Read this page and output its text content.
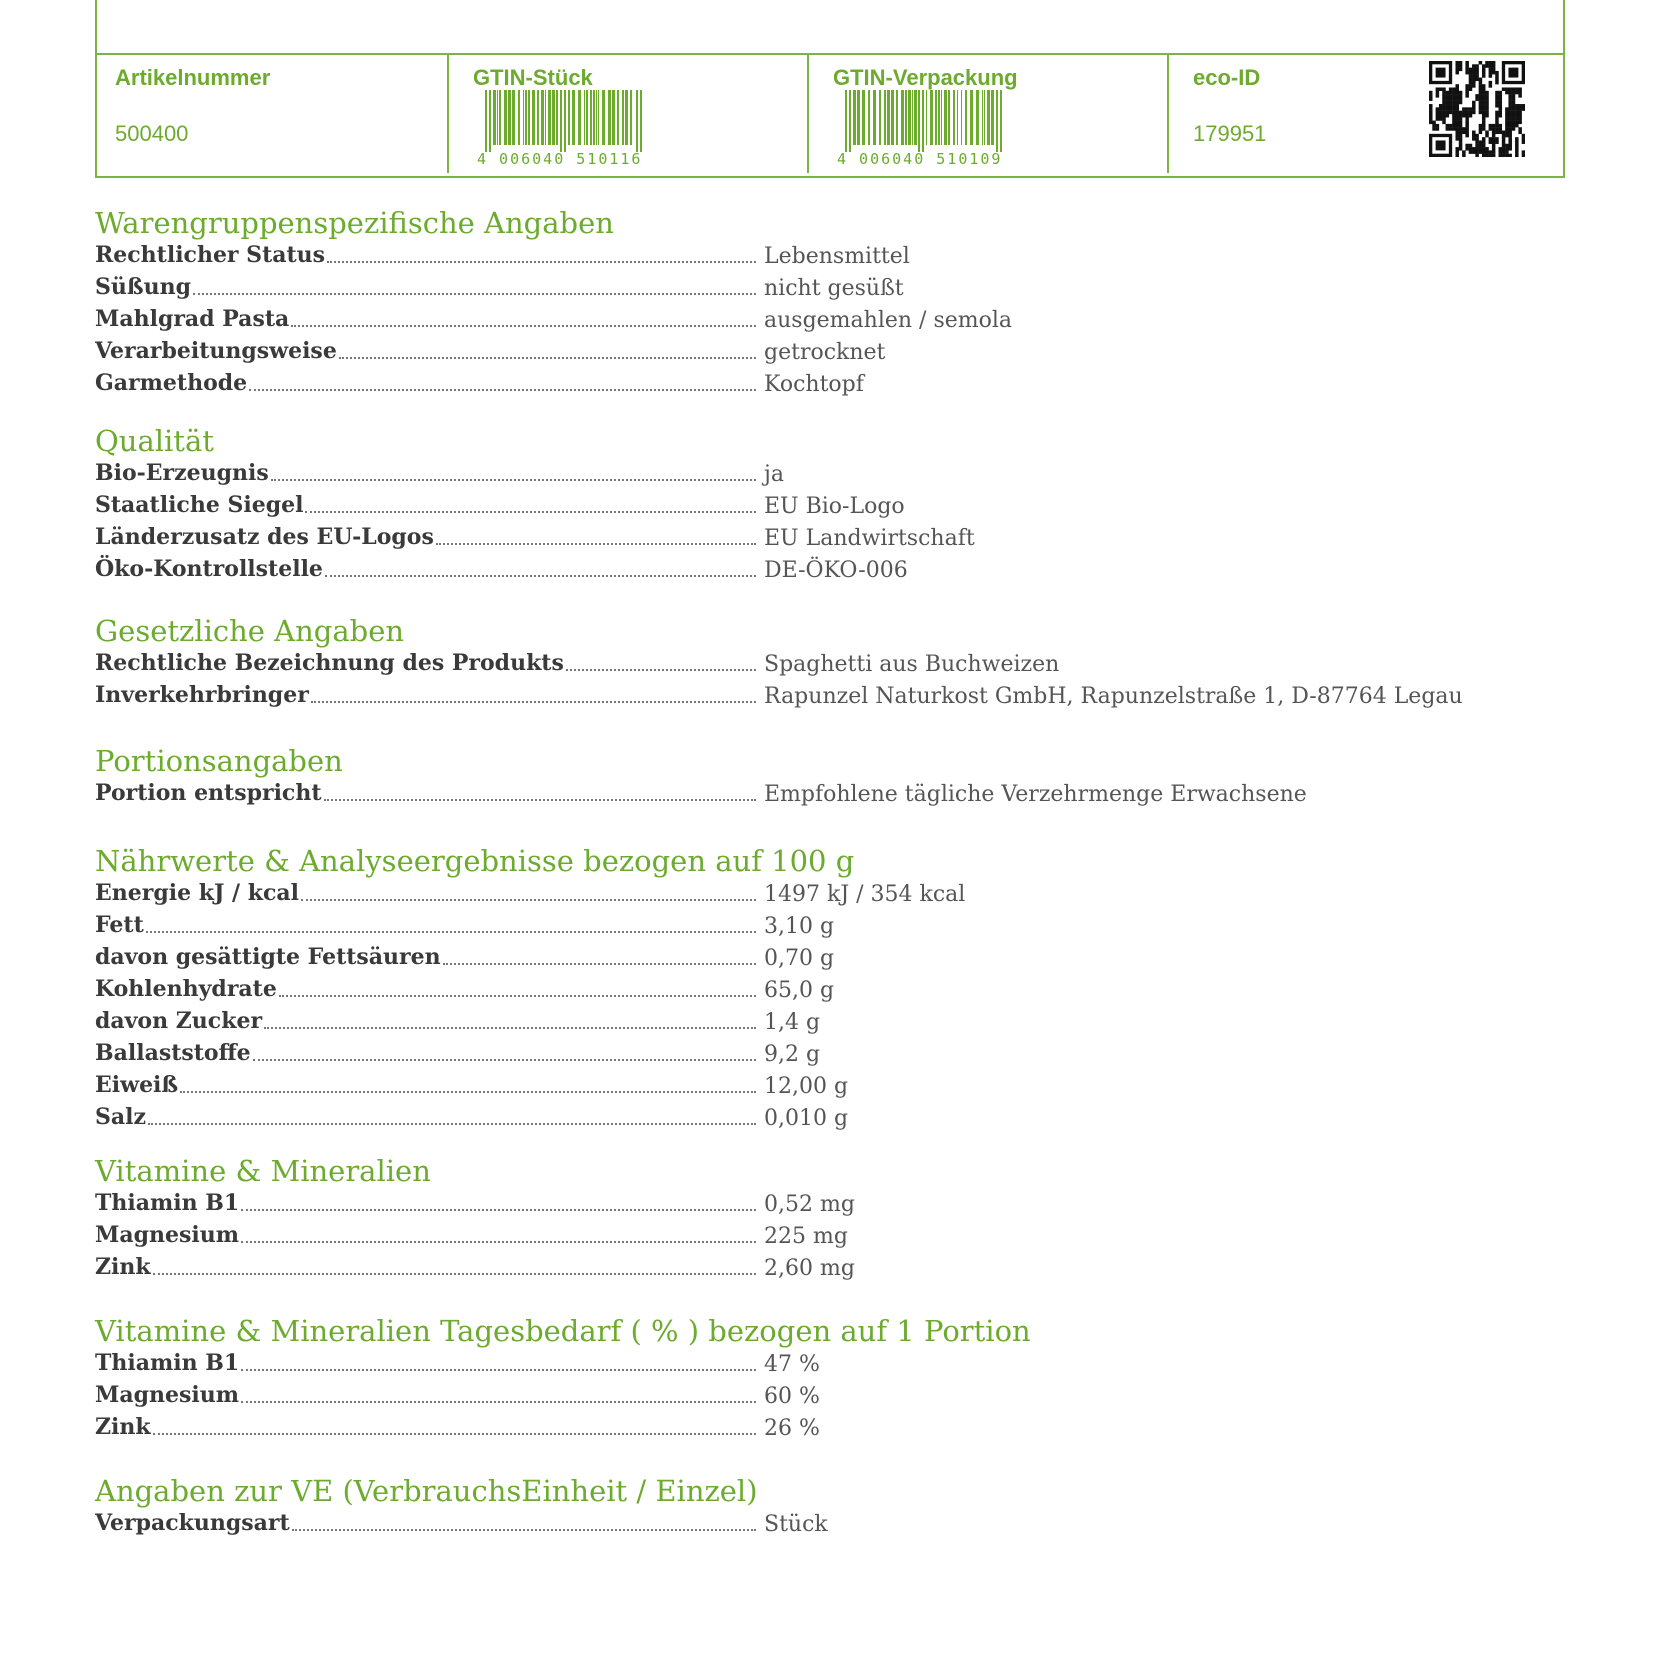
Artikelnummer
500400
GTIN-Stück
4 006040 510116
GTIN-Verpackung
4 006040 510109
eco-ID
179951
Warengruppenspezifische Angaben
Rechtlicher Status	Lebensmittel
Süßung	nicht gesüßt
Mahlgrad Pasta	ausgemahlen / semola
Verarbeitungsweise	getrocknet
Garmethode	Kochtopf
Qualität
Bio-Erzeugnis	ja
Staatliche Siegel	EU Bio-Logo
Länderzusatz des EU-Logos	EU Landwirtschaft
Öko-Kontrollstelle	DE-ÖKO-006
Gesetzliche Angaben
Rechtliche Bezeichnung des Produkts	Spaghetti aus Buchweizen
Inverkehrbringer	Rapunzel Naturkost GmbH, Rapunzelstraße 1, D-87764 Legau
Portionsangaben
Portion entspricht	Empfohlene tägliche Verzehrmenge Erwachsene
Nährwerte & Analyseergebnisse bezogen auf 100 g
Energie kJ / kcal	1497 kJ / 354 kcal
Fett	3,10 g
davon gesättigte Fettsäuren	0,70 g
Kohlenhydrate	65,0 g
davon Zucker	1,4 g
Ballaststoffe	9,2 g
Eiweiß	12,00 g
Salz	0,010 g
Vitamine & Mineralien
Thiamin B1	0,52 mg
Magnesium	225 mg
Zink	2,60 mg
Vitamine & Mineralien Tagesbedarf ( % ) bezogen auf 1 Portion
Thiamin B1	47 %
Magnesium	60 %
Zink	26 %
Angaben zur VE (VerbrauchsEinheit / Einzel)
Verpackungsart	Stück
